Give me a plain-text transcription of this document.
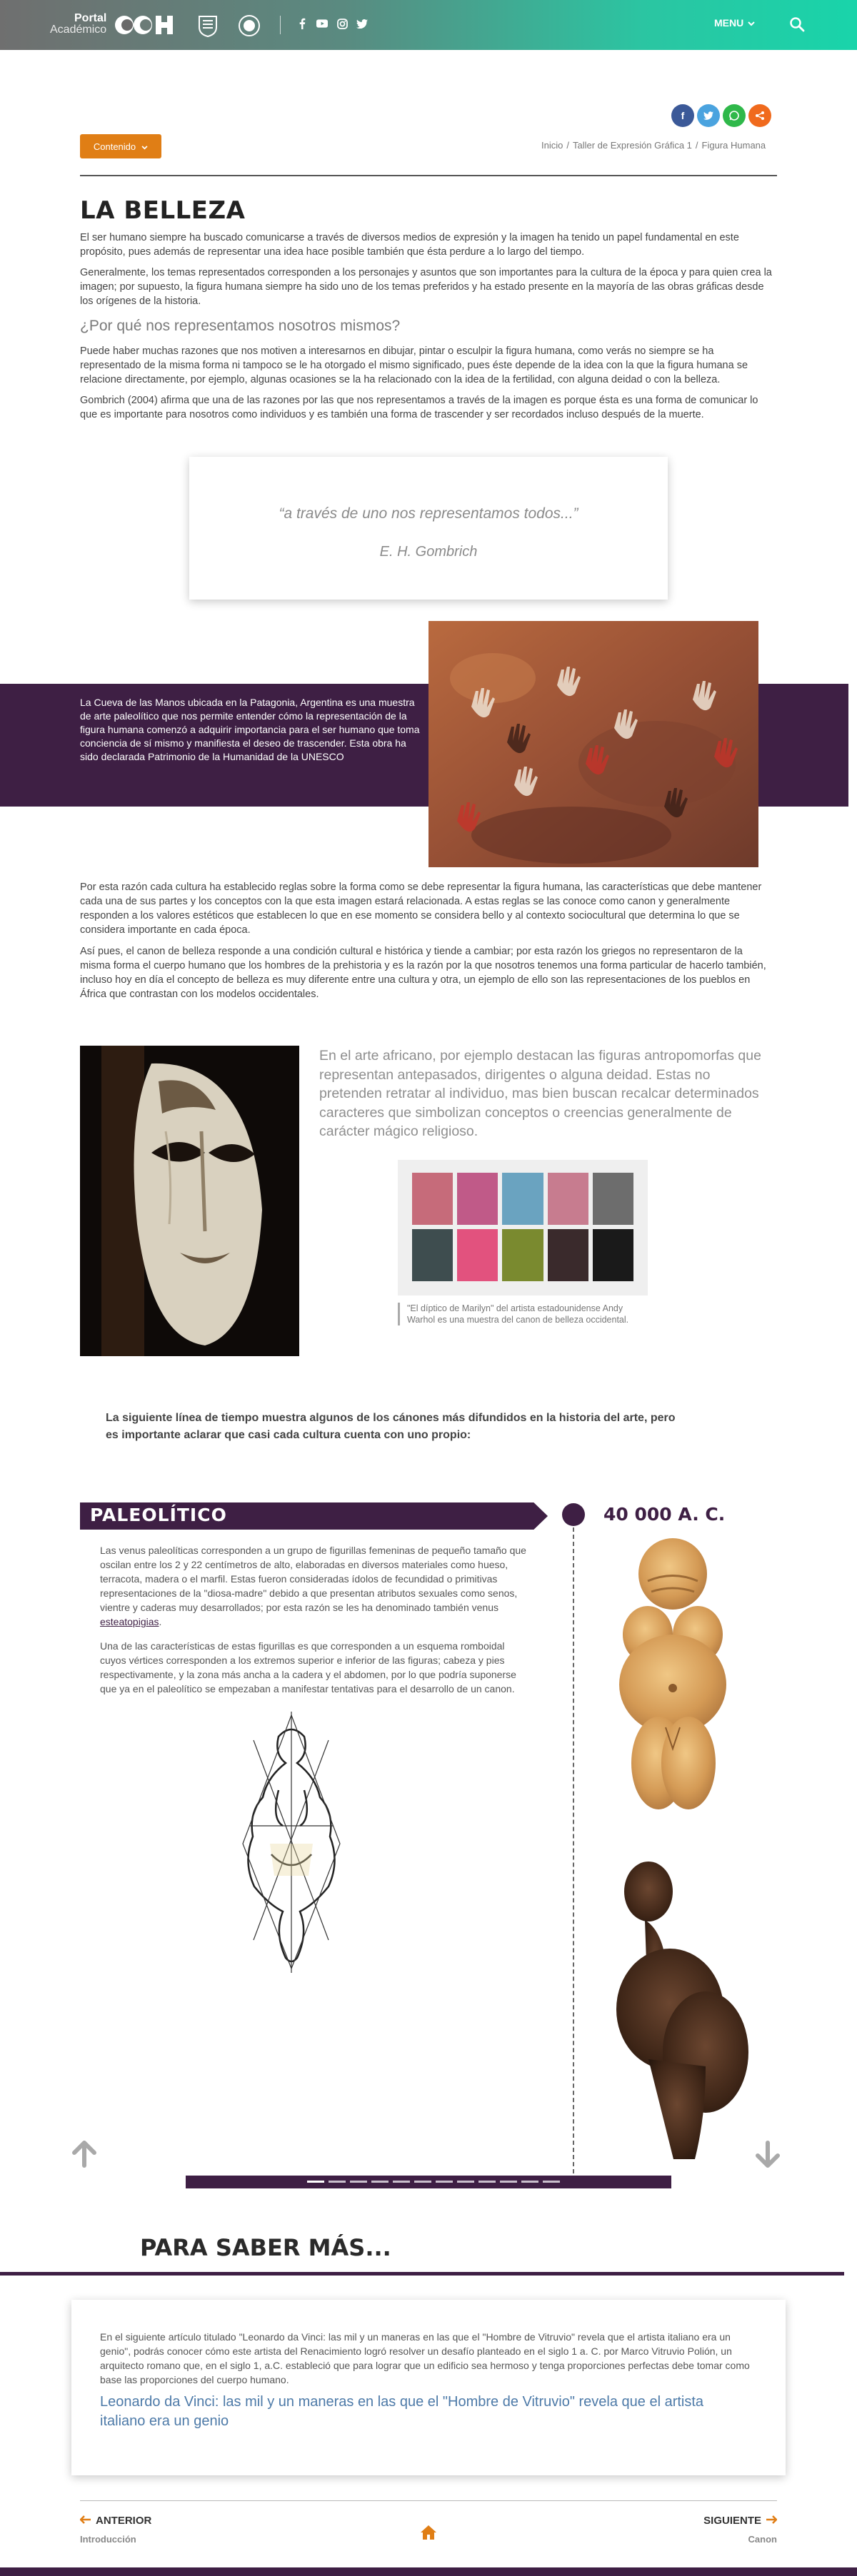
Portal
Académico
MENU
f
Contenido	Inicio / Taller de Expresión Gráfica 1 / Figura Humana
LA BELLEZA

El ser humano siempre ha buscado comunicarse a través de diversos medios de expresión y la imagen ha tenido un papel fundamental en este propósito, pues además de representar una idea hace posible también que ésta perdure a lo largo del tiempo.

Generalmente, los temas representados corresponden a los personajes y asuntos que son importantes para la cultura de la época y para quien crea la imagen; por supuesto, la figura humana siempre ha sido uno de los temas preferidos y ha estado presente en la mayoría de las obras gráficas desde los orígenes de la historia.

¿Por qué nos representamos nosotros mismos?

Puede haber muchas razones que nos motiven a interesarnos en dibujar, pintar o esculpir la figura humana, como verás no siempre se ha representado de la misma forma ni tampoco se le ha otorgado el mismo significado, pues éste depende de la idea con la que la figura humana se relacione directamente, por ejemplo, algunas ocasiones se la ha relacionado con la idea de la fertilidad, con alguna deidad o con la belleza.

Gombrich (2004) afirma que una de las razones por las que nos representamos a través de la imagen es porque ésta es una forma de comunicar lo que es importante para nosotros como individuos y es también una forma de trascender y ser recordados incluso después de la muerte.

“a través de uno nos representamos todos...”
E. H. Gombrich

La Cueva de las Manos ubicada en la Patagonia, Argentina es una muestra de arte paleolítico que nos permite entender cómo la representación de la figura humana comenzó a adquirir importancia para el ser humano que toma conciencia de sí mismo y manifiesta el deseo de trascender. Esta obra ha sido declarada Patrimonio de la Humanidad de la UNESCO

Por esta razón cada cultura ha establecido reglas sobre la forma como se debe representar la figura humana, las características que debe mantener cada una de sus partes y los conceptos con la que esta imagen estará relacionada. A estas reglas se las conoce como canon y generalmente responden a los valores estéticos que establecen lo que en ese momento se considera bello y al contexto sociocultural que determina lo que se considera importante en cada época.

Así pues, el canon de belleza responde a una condición cultural e histórica y tiende a cambiar; por esta razón los griegos no representaron de la misma forma el cuerpo humano que los hombres de la prehistoria y es la razón por la que nosotros tenemos una forma particular de hacerlo también, incluso hoy en día el concepto de belleza es muy diferente entre una cultura y otra, un ejemplo de ello son las representaciones de los pueblos en África que contrastan con los modelos occidentales.

En el arte africano, por ejemplo destacan las figuras antropomorfas que representan antepasados, dirigentes o alguna deidad. Estas no pretenden retratar al individuo, mas bien buscan recalcar determinados caracteres que simbolizan conceptos o creencias generalmente de carácter mágico religioso.

"El díptico de Marilyn" del artista estadounidense Andy Warhol es una muestra del canon de belleza occidental.

La siguiente línea de tiempo muestra algunos de los cánones más difundidos en la historia del arte, pero es importante aclarar que casi cada cultura cuenta con uno propio:

PALEOLÍTICO	40 000 A. C.

Las venus paleolíticas corresponden a un grupo de figurillas femeninas de pequeño tamaño que oscilan entre los 2 y 22 centímetros de alto, elaboradas en diversos materiales como hueso, terracota, madera o el marfil. Estas fueron consideradas ídolos de fecundidad o primitivas representaciones de la "diosa-madre" debido a que presentan atributos sexuales como senos, vientre y caderas muy desarrollados; por esta razón se les ha denominado también venus esteatopigias.

Una de las características de estas figurillas es que corresponden a un esquema romboidal cuyos vértices corresponden a los extremos superior e inferior de las figuras; cabeza y pies respectivamente, y la zona más ancha a la cadera y el abdomen, por lo que podría suponerse que ya en el paleolítico se empezaban a manifestar tentativas para el desarrollo de un canon.

PARA SABER MÁS...

En el siguiente artículo titulado "Leonardo da Vinci: las mil y un maneras en las que el "Hombre de Vitruvio" revela que el artista italiano era un genio", podrás conocer cómo este artista del Renacimiento logró resolver un desafío planteado en el siglo 1 a. C. por Marco Vitruvio Polión, un arquitecto romano que, en el siglo 1, a.C. estableció que para lograr que un edificio sea hermoso y tenga proporciones perfectas debe tomar como base las proporciones del cuerpo humano.

Leonardo da Vinci: las mil y un maneras en las que el "Hombre de Vitruvio" revela que el artista italiano era un genio
ANTERIOR
Introducción
SIGUIENTE
Canon
